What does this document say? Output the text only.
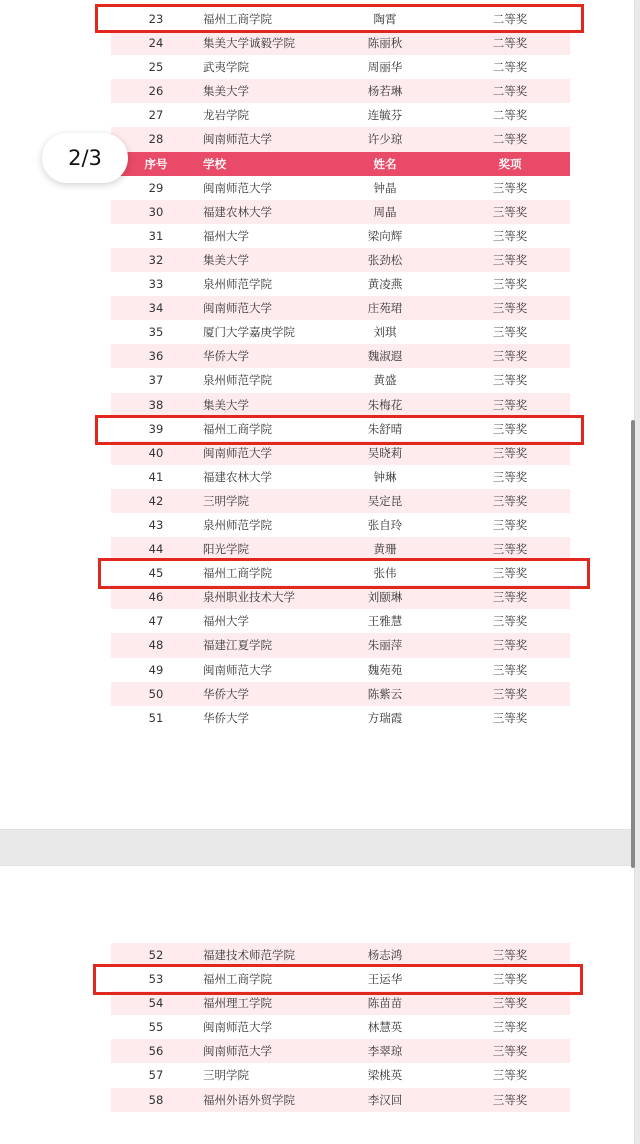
23	福州工商学院	陶霄	二等奖
24	集美大学诚毅学院	陈丽秋	二等奖
25	武夷学院	周丽华	二等奖
26	集美大学	杨若琳	二等奖
27	龙岩学院	连毓芬	二等奖
28	闽南师范大学	许少琼	二等奖
序号	学校	姓名	奖项
29	闽南师范大学	钟晶	三等奖
30	福建农林大学	周晶	三等奖
31	福州大学	梁向辉	三等奖
32	集美大学	张劲松	三等奖
33	泉州师范学院	黄凌燕	三等奖
34	闽南师范大学	庄苑珺	三等奖
35	厦门大学嘉庚学院	刘琪	三等奖
36	华侨大学	魏淑遐	三等奖
37	泉州师范学院	黄盛	三等奖
38	集美大学	朱梅花	三等奖
39	福州工商学院	朱舒晴	三等奖
40	闽南师范大学	吴晓莉	三等奖
41	福建农林大学	钟琳	三等奖
42	三明学院	吴定昆	三等奖
43	泉州师范学院	张自玲	三等奖
44	阳光学院	黄珊	三等奖
45	福州工商学院	张伟	三等奖
46	泉州职业技术大学	刘颐琳	三等奖
47	福州大学	王雅慧	三等奖
48	福建江夏学院	朱丽萍	三等奖
49	闽南师范大学	魏苑苑	三等奖
50	华侨大学	陈紫云	三等奖
51	华侨大学	方瑞霞	三等奖
52	福建技术师范学院	杨志鸿	三等奖
53	福州工商学院	王运华	三等奖
54	福州理工学院	陈苗苗	三等奖
55	闽南师范大学	林慧英	三等奖
56	闽南师范大学	李翠琼	三等奖
57	三明学院	梁桃英	三等奖
58	福州外语外贸学院	李汉回	三等奖
2/3
